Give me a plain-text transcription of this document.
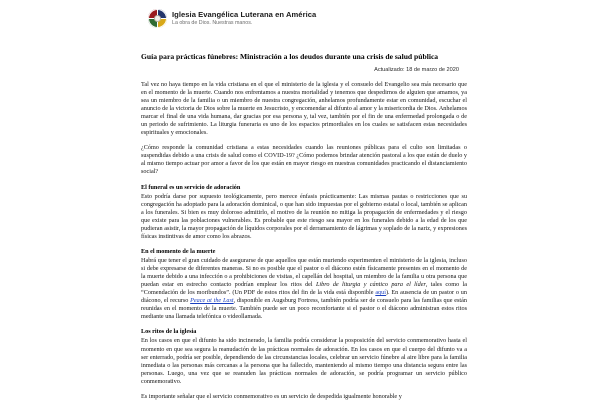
Iglesia Evangélica Luterana en América
La obra de Dios. Nuestras manos.
Guía para prácticas fúnebres: Ministración a los deudos durante una crisis de salud pública
Actualizado: 18 de marzo de 2020

Tal vez no haya tiempo en la vida cristiana en el que el ministerio de la iglesia y el consuelo del Evangelio sea más necesario que en el momento de la muerte. Cuando nos enfrentamos a nuestra mortalidad y tenemos que despedirnos de alguien que amamos, ya sea un miembro de la familia o un miembro de nuestra congregación, anhelamos profundamente estar en comunidad, escuchar el anuncio de la victoria de Dios sobre la muerte en Jesucristo, y encomendar al difunto al amor y la misericordia de Dios. Anhelamos marcar el final de una vida humana, dar gracias por esa persona y, tal vez, también por el fin de una enfermedad prolongada o de un periodo de sufrimiento. La liturgia funeraria es uno de los espacios primordiales en los cuales se satisfacen estas necesidades espirituales y emocionales.

¿Cómo responde la comunidad cristiana a estas necesidades cuando las reuniones públicas para el culto son limitadas o suspendidas debido a una crisis de salud como el COVID-19? ¿Cómo podemos brindar atención pastoral a los que están de duelo y al mismo tiempo actuar por amor a favor de los que están en mayor riesgo en nuestras comunidades practicando el distanciamiento social?

El funeral es un servicio de adoración

Esto podría darse por supuesto teológicamente, pero merece énfasis prácticamente: Las mismas pautas o restricciones que su congregación ha adoptado para la adoración dominical, o que han sido impuestas por el gobierno estatal o local, también se aplican a los funerales. Si bien es muy doloroso admitirlo, el motivo de la reunión no mitiga la propagación de enfermedades y el riesgo que existe para las poblaciones vulnerables. Es probable que este riesgo sea mayor en los funerales debido a la edad de los que pudieran asistir, la mayor propagación de líquidos corporales por el derramamiento de lágrimas y soplado de la nariz, y expresiones físicas instintivas de amor como los abrazos.

En el momento de la muerte

Habrá que tener el gran cuidado de asegurarse de que aquellos que están muriendo experimenten el ministerio de la iglesia, incluso si debe expresarse de diferentes maneras. Si no es posible que el pastor o el diácono estén físicamente presentes en el momento de la muerte debido a una infección o a prohibiciones de visitas, el capellán del hospital, un miembro de la familia u otra persona que puedan estar en estrecho contacto podrían emplear los ritos del Libro de liturgia y cántico para el líder, tales como la “Comendación de los moribundos”. (Un PDF de estos ritos del fin de la vida está disponible aquí). En ausencia de un pastor o un diácono, el recurso Peace at the Last, disponible en Augsburg Fortress, también podría ser de consuelo para las familias que están reunidas en el momento de la muerte. También puede ser un poco reconfortante si el pastor o el diácono administran estos ritos mediante una llamada telefónica o videollamada.

Los ritos de la iglesia

En los casos en que el difunto ha sido incinerado, la familia podría considerar la posposición del servicio conmemorativo hasta el momento en que sea segura la reanudación de las prácticas normales de adoración. En los casos en que el cuerpo del difunto va a ser enterrado, podría ser posible, dependiendo de las circunstancias locales, celebrar un servicio fúnebre al aire libre para la familia inmediata o las personas más cercanas a la persona que ha fallecido, manteniendo al mismo tiempo una distancia segura entre las personas. Luego, una vez que se reanuden las prácticas normales de adoración, se podría programar un servicio público conmemorativo.

Es importante señalar que el servicio conmemorativo es un servicio de despedida igualmente honorable y
